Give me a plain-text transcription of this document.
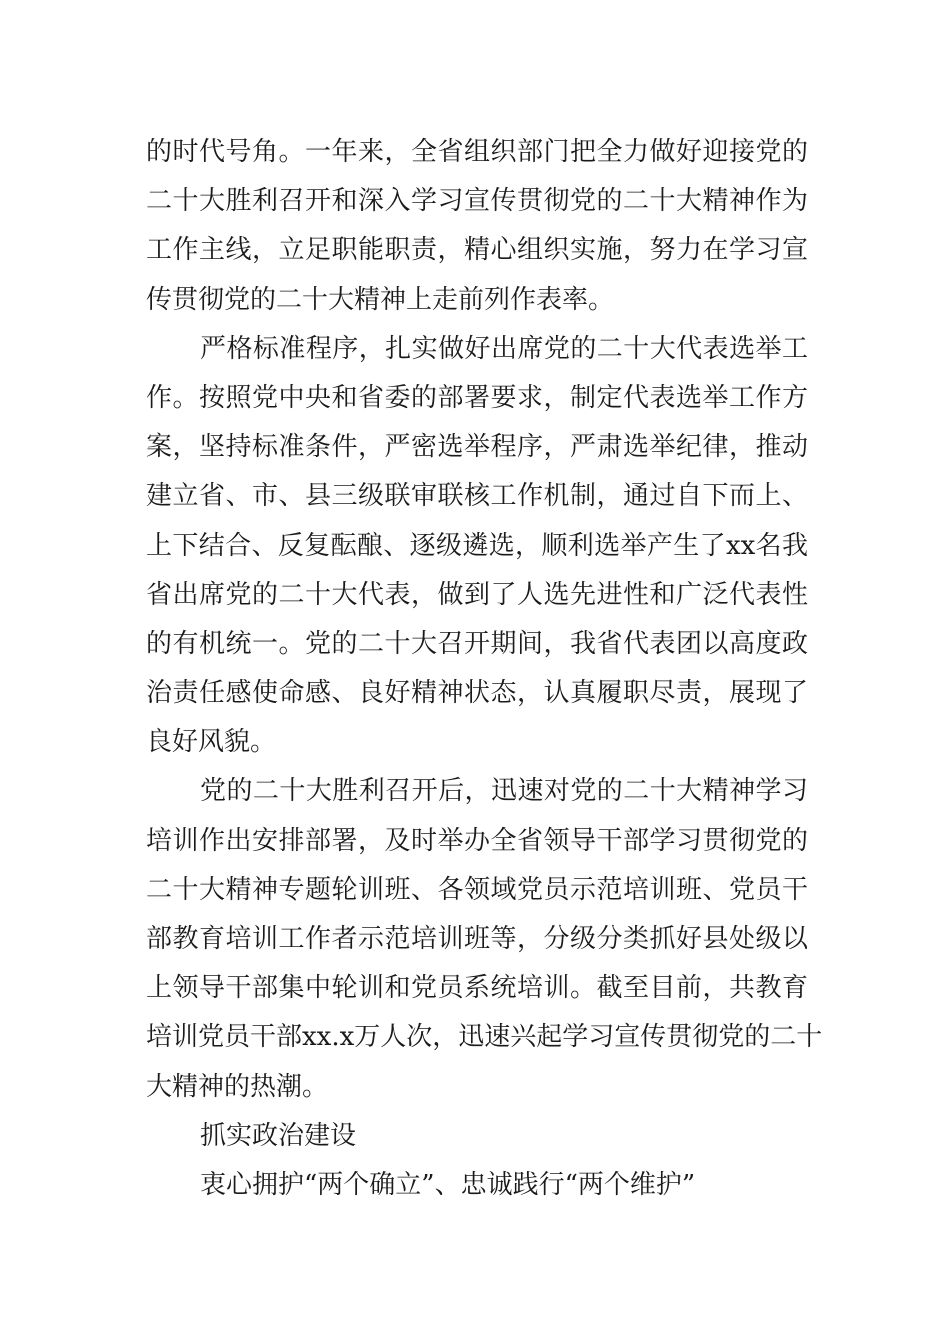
的时代号角。一年来，全省组织部门把全力做好迎接党的
二十大胜利召开和深入学习宣传贯彻党的二十大精神作为
工作主线，立足职能职责，精心组织实施，努力在学习宣
传贯彻党的二十大精神上走前列作表率。
严格标准程序，扎实做好出席党的二十大代表选举工
作。按照党中央和省委的部署要求，制定代表选举工作方
案，坚持标准条件，严密选举程序，严肃选举纪律，推动
建立省、市、县三级联审联核工作机制，通过自下而上、
上下结合、反复酝酿、逐级遴选，顺利选举产生了xx名我
省出席党的二十大代表，做到了人选先进性和广泛代表性
的有机统一。党的二十大召开期间，我省代表团以高度政
治责任感使命感、良好精神状态，认真履职尽责，展现了
良好风貌。
党的二十大胜利召开后，迅速对党的二十大精神学习
培训作出安排部署，及时举办全省领导干部学习贯彻党的
二十大精神专题轮训班、各领域党员示范培训班、党员干
部教育培训工作者示范培训班等，分级分类抓好县处级以
上领导干部集中轮训和党员系统培训。截至目前，共教育
培训党员干部xx.x万人次，迅速兴起学习宣传贯彻党的二十
大精神的热潮。
抓实政治建设
衷心拥护“两个确立”、忠诚践行“两个维护”
